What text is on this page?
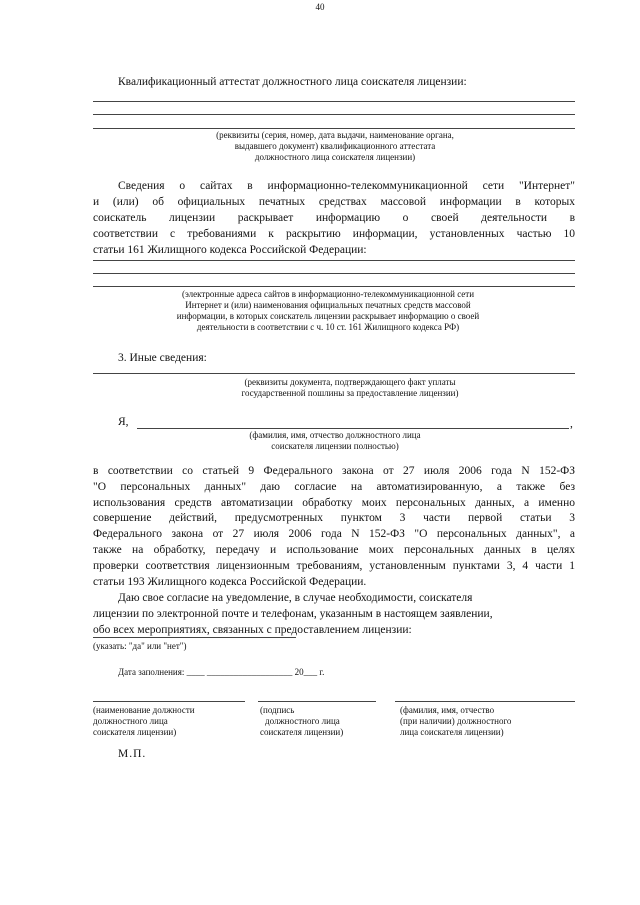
40
Квалификационный аттестат должностного лица соискателя лицензии:
(реквизиты (серия, номер, дата выдачи, наименование органа,
выдавшего документ) квалификационного аттестата
должностного лица соискателя лицензии)
Сведения о сайтах в информационно-телекоммуникационной сети "Интернет"
и (или) об официальных печатных средствах массовой информации в которых
соискатель лицензии раскрывает информацию о своей деятельности в
соответствии с требованиями к раскрытию информации, установленных частью 10
статьи 161 Жилищного кодекса Российской Федерации:
(электронные адреса сайтов в информационно-телекоммуникационной сети
Интернет и (или) наименования официальных печатных средств массовой
информации, в которых соискатель лицензии раскрывает информацию о своей
деятельности в соответствии с ч. 10 ст. 161 Жилищного кодекса РФ)
3. Иные сведения:
(реквизиты документа, подтверждающего факт уплаты
государственной пошлины за предоставление лицензии)
Я,	,
(фамилия, имя, отчество должностного лица
соискателя лицензии полностью)
в соответствии со статьей 9 Федерального закона от 27 июля 2006 года N 152-ФЗ
"О персональных данных" даю согласие на автоматизированную, а также без
использования средств автоматизации обработку моих персональных данных, а именно
совершение действий, предусмотренных пунктом 3 части первой статьи 3
Федерального закона от 27 июля 2006 года N 152-ФЗ "О персональных данных", а
также на обработку, передачу и использование моих персональных данных в целях
проверки соответствия лицензионным требованиям, установленным пунктами 3, 4 части 1
статьи 193 Жилищного кодекса Российской Федерации.
Даю свое согласие на уведомление, в случае необходимости, соискателя
лицензии по электронной почте и телефонам, указанным в настоящем заявлении,
обо всех мероприятиях, связанных с предоставлением лицензии:
(указать: "да" или "нет")
Дата заполнения: ____ ___________________ 20___ г.
(наименование должности
должностного лица
соискателя лицензии)
(подпись
должностного лица
соискателя лицензии)
(фамилия, имя, отчество
(при наличии) должностного
лица соискателя лицензии)
М.П.
